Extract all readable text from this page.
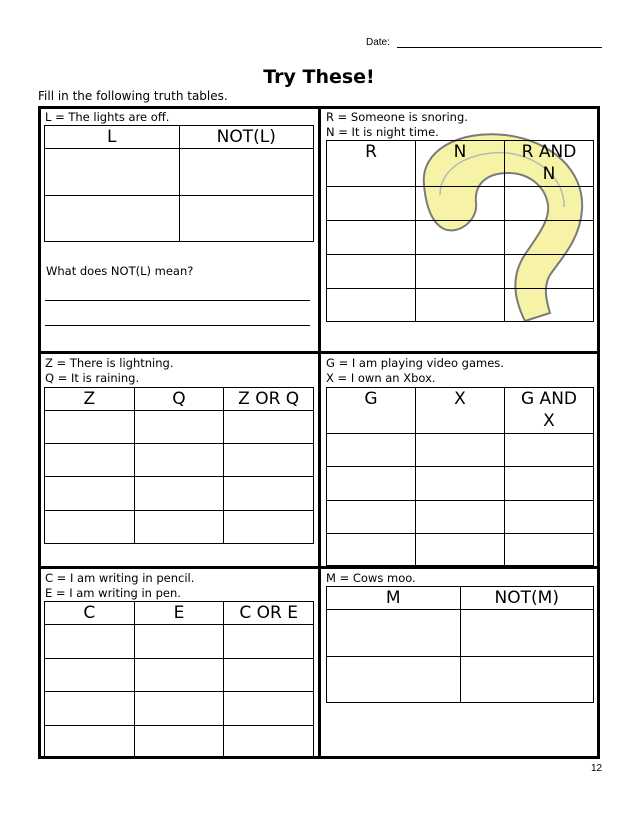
Date:
Try These!
Fill in the following truth tables.
L = The lights are off.
L	NOT(L)

What does NOT(L) mean?
R = Someone is snoring.
N = It is night time.
R	N	R AND
N

Z = There is lightning.
Q = It is raining.
Z	Q	Z OR Q

G = I am playing video games.
X = I own an Xbox.
G	X	G AND
X

C = I am writing in pencil.
E = I am writing in pen.
C	E	C OR E

M = Cows moo.
M	NOT(M)

12
